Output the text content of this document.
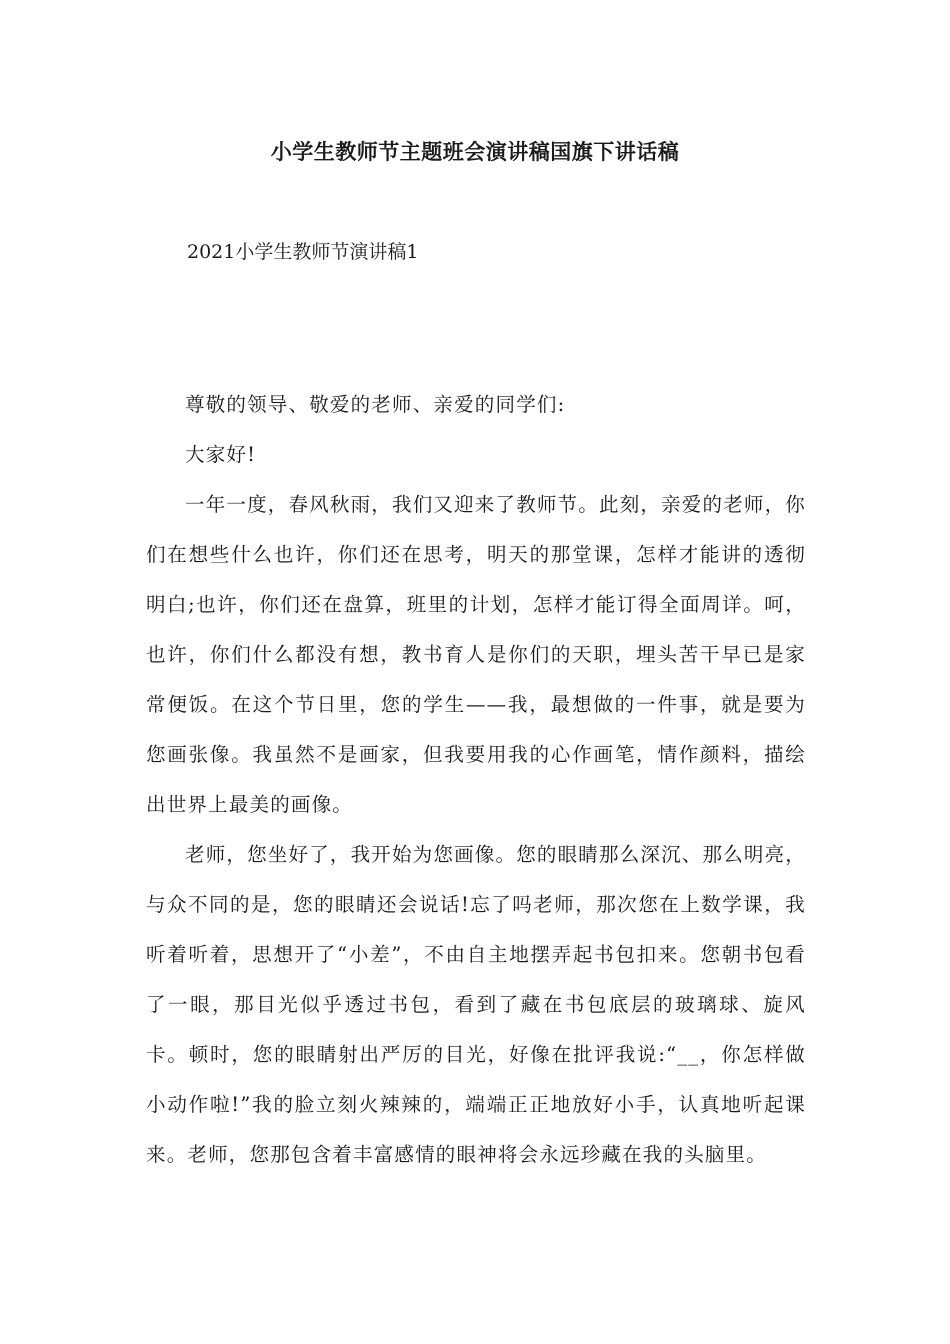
小学生教师节主题班会演讲稿国旗下讲话稿
2021小学生教师节演讲稿1

尊敬的领导、敬爱的老师、亲爱的同学们:

大家好!

一年一度，春风秋雨，我们又迎来了教师节。此刻，亲爱的老师，你们在想些什么也许，你们还在思考，明天的那堂课，怎样才能讲的透彻明白;也许，你们还在盘算，班里的计划，怎样才能订得全面周详。呵，也许，你们什么都没有想，教书育人是你们的天职，埋头苦干早已是家常便饭。在这个节日里，您的学生——我，最想做的一件事，就是要为您画张像。我虽然不是画家，但我要用我的心作画笔，情作颜料，描绘出世界上最美的画像。

老师，您坐好了，我开始为您画像。您的眼睛那么深沉、那么明亮，与众不同的是，您的眼睛还会说话!忘了吗老师，那次您在上数学课，我听着听着，思想开了“小差”，不由自主地摆弄起书包扣来。您朝书包看了一眼，那目光似乎透过书包，看到了藏在书包底层的玻璃球、旋风卡。顿时，您的眼睛射出严厉的目光，好像在批评我说:“__，你怎样做小动作啦!”我的脸立刻火辣辣的，端端正正地放好小手，认真地听起课来。老师，您那包含着丰富感情的眼神将会永远珍藏在我的头脑里。
